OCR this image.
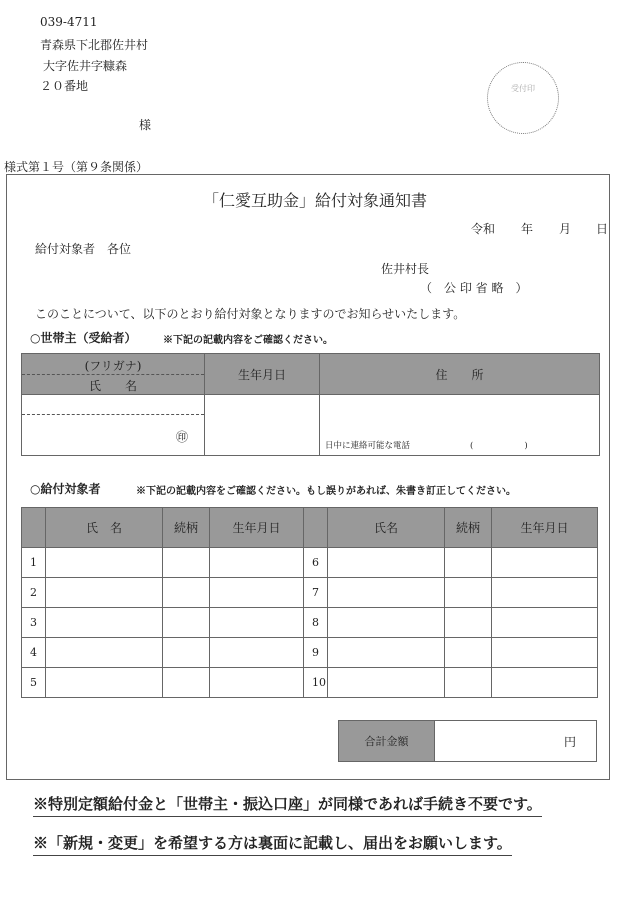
039-4711
青森県下北郡佐井村
大字佐井字糠森
２０番地
様
受付印
様式第１号（第９条関係）
「仁愛互助金」給付対象通知書
令和 年 月 日
給付対象者　各位
佐井村長
（　公 印 省 略　）
このことについて、以下のとおり給付対象となりますのでお知らせいたします。
○世帯主（受給者）	※下記の記載内容をご確認ください。
(フリガナ)
氏　　名	生年月日	住　　所

㊞		日中に連絡可能な電話 (　　　　　　)
○給付対象者	※下記の記載内容をご確認ください。もし誤りがあれば、朱書き訂正してください。
	氏　名	続柄	生年月日		氏名	続柄	生年月日
1				6			
2				7			
3				8			
4				9			
5				10			
合計金額	円
※特別定額給付金と「世帯主・振込口座」が同様であれば手続き不要です。
※「新規・変更」を希望する方は裏面に記載し、届出をお願いします。
